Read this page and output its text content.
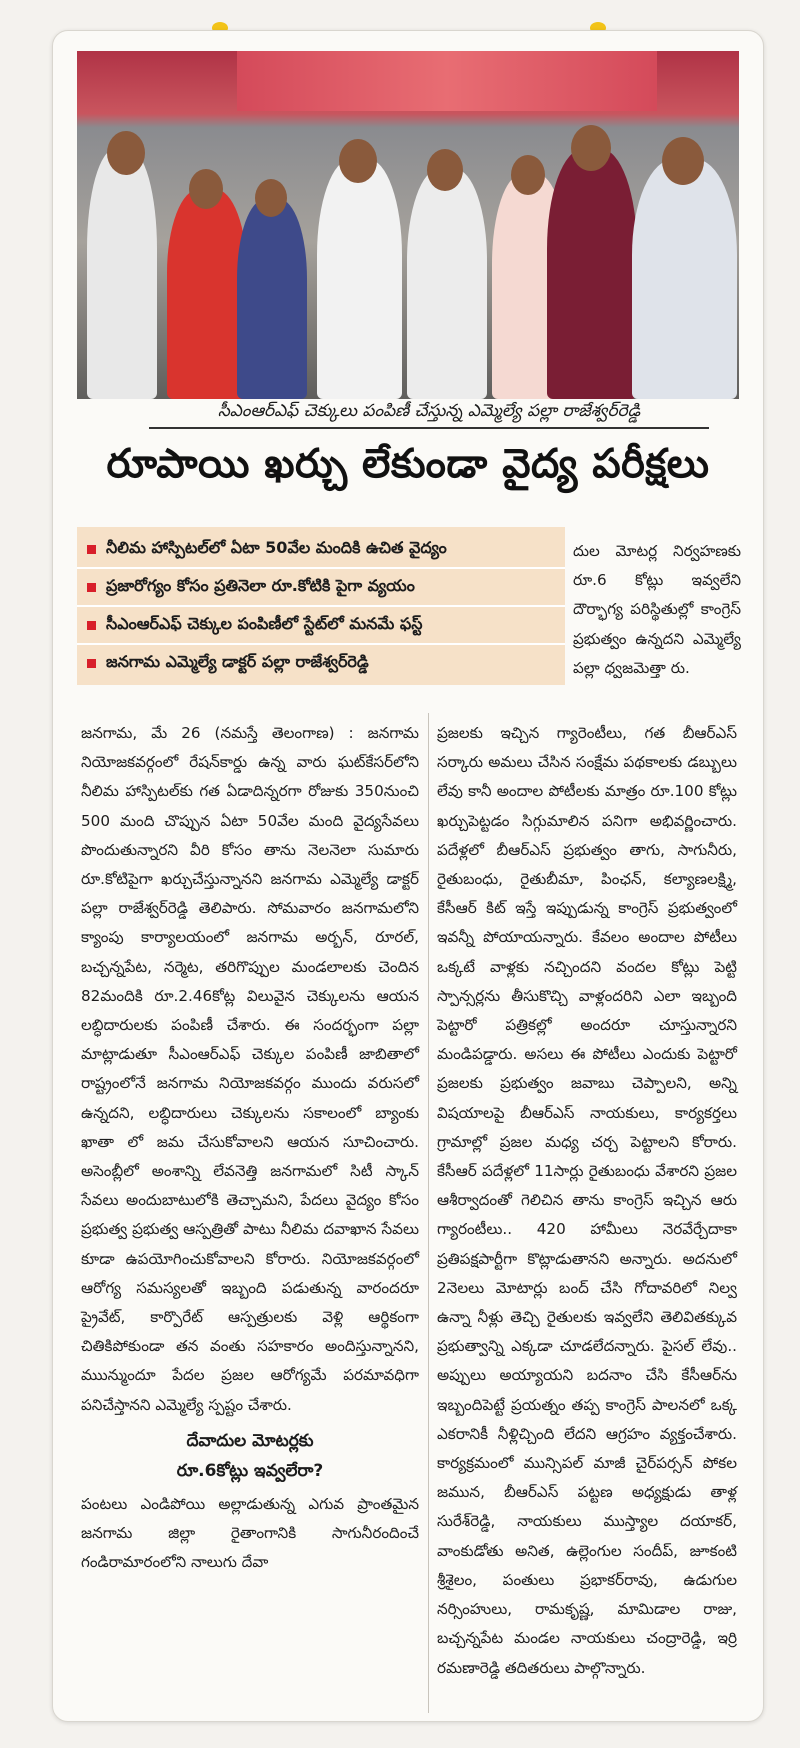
సీఎంఆర్ఎఫ్ చెక్కులు పంపిణీ చేస్తున్న ఎమ్మెల్యే పల్లా రాజేశ్వర్‌రెడ్డి
రూపాయి ఖర్చు లేకుండా వైద్య పరీక్షలు
నీలిమ హాస్పిటల్‌లో ఏటా 50వేల మందికి ఉచిత వైద్యం
ప్రజారోగ్యం కోసం ప్రతినెలా రూ.కోటికి పైగా వ్యయం
సీఎంఆర్ఎఫ్ చెక్కుల పంపిణీలో స్టేట్‌లో మనమే ఫస్ట్
జనగామ ఎమ్మెల్యే డాక్టర్ పల్లా రాజేశ్వర్‌రెడ్డి

దుల మోటర్ల నిర్వహణకు రూ.6 కోట్లు ఇవ్వలేని దౌర్భాగ్య పరిస్థితుల్లో కాంగ్రెస్ ప్రభుత్వం ఉన్నదని ఎమ్మెల్యే పల్లా ధ్వజమెత్తా రు.

జనగామ, మే 26 (నమస్తే తెలంగాణ) : జనగామ నియోజకవర్గంలో రేషన్‌కార్డు ఉన్న వారు ఘట్‌కేసర్‌లోని నీలిమ హాస్పిటల్‌కు గత ఏడాదిన్నరగా రోజుకు 350నుంచి 500 మంది చొప్పున ఏటా 50వేల మంది వైద్యసేవలు పొందుతున్నారని వీరి కోసం తాను నెలనెలా సుమారు రూ.కోటిపైగా ఖర్చుచేస్తున్నానని జనగామ ఎమ్మెల్యే డాక్టర్ పల్లా రాజేశ్వర్‌రెడ్డి తెలిపారు. సోమవారం జనగామలోని క్యాంపు కార్యాలయంలో జనగామ అర్బన్, రూరల్, బచ్చన్నపేట, నర్మెట, తరిగొప్పుల మండలాలకు చెందిన 82మందికి రూ.2.46కోట్ల విలువైన చెక్కులను ఆయన లబ్ధిదారులకు పంపిణీ చేశారు. ఈ సందర్భంగా పల్లా మాట్లాడుతూ సీఎంఆర్ఎఫ్ చెక్కుల పంపిణీ జాబితాలో రాష్ట్రంలోనే జనగామ నియోజకవర్గం ముందు వరుసలో ఉన్నదని, లబ్ధిదారులు చెక్కులను సకాలంలో బ్యాంకు ఖాతా లో జమ చేసుకోవాలని ఆయన సూచించారు. అసెంబ్లీలో అంశాన్ని లేవనెత్తి జనగామలో సిటీ స్కాన్ సేవలు అందుబాటులోకి తెచ్చామని, పేదలు వైద్యం కోసం ప్రభుత్వ ప్రభుత్వ ఆస్పత్రితో పాటు నీలిమ దవాఖాన సేవలు కూడా ఉపయోగించుకోవాలని కోరారు. నియోజకవర్గంలో ఆరోగ్య సమస్యలతో ఇబ్బంది పడుతున్న వారందరూ ప్రైవేట్, కార్పొరేట్ ఆస్పత్రులకు వెళ్లి ఆర్థికంగా చితికిపోకుండా తన వంతు సహకారం అందిస్తున్నానని, ముున్ముందూ పేదల ప్రజల ఆరోగ్యమే పరమావధిగా పనిచేస్తానని ఎమ్మెల్యే స్పష్టం చేశారు.

దేవాదుల మోటర్లకు
రూ.6కోట్లు ఇవ్వలేరా?

పంటలు ఎండిపోయి అల్లాడుతున్న ఎగువ ప్రాంతమైన జనగామ జిల్లా రైతాంగానికి సాగునీరందించే గండిరామారంలోని నాలుగు దేవా

ప్రజలకు ఇచ్చిన గ్యారెంటీలు, గత బీఆర్ఎస్ సర్కారు అమలు చేసిన సంక్షేమ పథకాలకు డబ్బులు లేవు కానీ అందాల పోటీలకు మాత్రం రూ.100 కోట్లు ఖర్చుపెట్టడం సిగ్గుమాలిన పనిగా అభివర్ణించారు. పదేళ్లలో బీఆర్ఎస్ ప్రభుత్వం తాగు, సాగునీరు, రైతుబంధు, రైతుబీమా, పింఛన్, కల్యాణలక్ష్మి, కేసీఆర్ కిట్ ఇస్తే ఇప్పుడున్న కాంగ్రెస్ ప్రభుత్వంలో ఇవన్నీ పోయాయన్నారు. కేవలం అందాల పోటీలు ఒక్కటే వాళ్లకు నచ్చిందని వందల కోట్లు పెట్టి స్పాన్సర్లను తీసుకొచ్చి వాళ్లందరిని ఎలా ఇబ్బంది పెట్టారో పత్రికల్లో అందరూ చూస్తున్నారని మండిపడ్డారు. అసలు ఈ పోటీలు ఎందుకు పెట్టారో ప్రజలకు ప్రభుత్వం జవాబు చెప్పాలని, అన్ని విషయాలపై బీఆర్ఎస్ నాయకులు, కార్యకర్తలు గ్రామాల్లో ప్రజల మధ్య చర్చ పెట్టాలని కోరారు. కేసీఆర్ పదేళ్లలో 11సార్లు రైతుబంధు వేశారని ప్రజల ఆశీర్వాదంతో గెలిచిన తాను కాంగ్రెస్ ఇచ్చిన ఆరు గ్యారంటీలు.. 420 హామీలు నెరవేర్చేదాకా ప్రతిపక్షపార్టీగా కొట్లాడుతానని అన్నారు. అదనులో 2నెలలు మోటార్లు బంద్ చేసి గోదావరిలో నిల్వ ఉన్నా నీళ్లు తెచ్చి రైతులకు ఇవ్వలేని తెలివితక్కువ ప్రభుత్వాన్ని ఎక్కడా చూడలేదన్నారు. పైసల్ లేవు.. అప్పులు అయ్యాయని బదనాం చేసి కేసీఆర్‌ను ఇబ్బందిపెట్టే ప్రయత్నం తప్ప కాంగ్రెస్ పాలనలో ఒక్క ఎకరానికీ నీళ్లిచ్చింది లేదని ఆగ్రహం వ్యక్తంచేశారు. కార్యక్రమంలో మున్సిపల్ మాజీ చైర్‌పర్సన్ పోకల జమున, బీఆర్ఎస్ పట్టణ అధ్యక్షుడు తాళ్ల సురేశ్‌రెడ్డి, నాయకులు ముస్త్యాల దయాకర్, వాంకుడోతు అనిత, ఉల్లెంగుల సందీప్, జూకంటి శ్రీశైలం, పంతులు ప్రభాకర్‌రావు, ఉడుగుల నర్సింహులు, రామకృష్ణ, మామిడాల రాజు, బచ్చన్నపేట మండల నాయకులు చంద్రారెడ్డి, ఇర్రి రమణారెడ్డి తదితరులు పాల్గొన్నారు.
